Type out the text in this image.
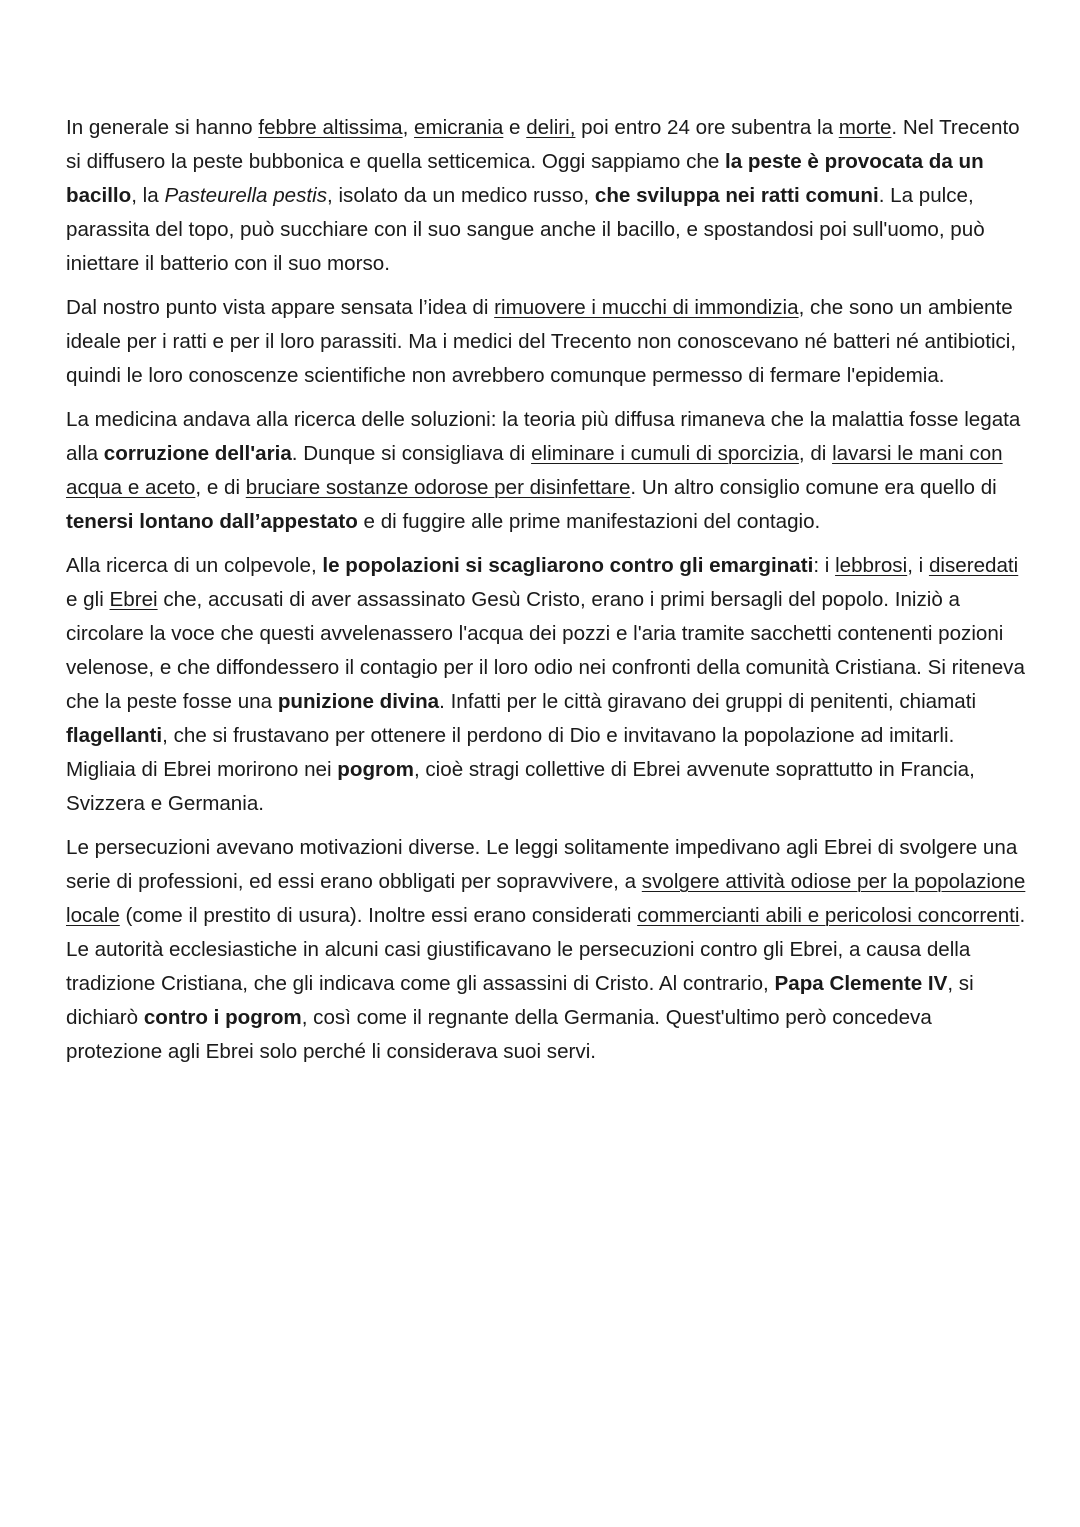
In generale si hanno febbre altissima, emicrania e deliri, poi entro 24 ore subentra la morte. Nel Trecento si diffusero la peste bubbonica e quella setticemica. Oggi sappiamo che la peste è provocata da un bacillo, la Pasteurella pestis, isolato da un medico russo, che sviluppa nei ratti comuni. La pulce, parassita del topo, può succhiare con il suo sangue anche il bacillo, e spostandosi poi sull'uomo, può iniettare il batterio con il suo morso.

Dal nostro punto vista appare sensata l’idea di rimuovere i mucchi di immondizia, che sono un ambiente ideale per i ratti e per il loro parassiti. Ma i medici del Trecento non conoscevano né batteri né antibiotici, quindi le loro conoscenze scientifiche non avrebbero comunque permesso di fermare l'epidemia.

La medicina andava alla ricerca delle soluzioni: la teoria più diffusa rimaneva che la malattia fosse legata alla corruzione dell'aria. Dunque si consigliava di eliminare i cumuli di sporcizia, di lavarsi le mani con acqua e aceto, e di bruciare sostanze odorose per disinfettare. Un altro consiglio comune era quello di tenersi lontano dall’appestato e di fuggire alle prime manifestazioni del contagio.

Alla ricerca di un colpevole, le popolazioni si scagliarono contro gli emarginati: i lebbrosi, i diseredati e gli Ebrei che, accusati di aver assassinato Gesù Cristo, erano i primi bersagli del popolo. Iniziò a circolare la voce che questi avvelenassero l'acqua dei pozzi e l'aria tramite sacchetti contenenti pozioni velenose, e che diffondessero il contagio per il loro odio nei confronti della comunità Cristiana. Si riteneva che la peste fosse una punizione divina. Infatti per le città giravano dei gruppi di penitenti, chiamati flagellanti, che si frustavano per ottenere il perdono di Dio e invitavano la popolazione ad imitarli. Migliaia di Ebrei morirono nei pogrom, cioè stragi collettive di Ebrei avvenute soprattutto in Francia, Svizzera e Germania.

Le persecuzioni avevano motivazioni diverse. Le leggi solitamente impedivano agli Ebrei di svolgere una serie di professioni, ed essi erano obbligati per sopravvivere, a svolgere attività odiose per la popolazione locale (come il prestito di usura). Inoltre essi erano considerati commercianti abili e pericolosi concorrenti. Le autorità ecclesiastiche in alcuni casi giustificavano le persecuzioni contro gli Ebrei, a causa della tradizione Cristiana, che gli indicava come gli assassini di Cristo. Al contrario, Papa Clemente IV, si dichiarò contro i pogrom, così come il regnante della Germania. Quest'ultimo però concedeva protezione agli Ebrei solo perché li considerava suoi servi.
